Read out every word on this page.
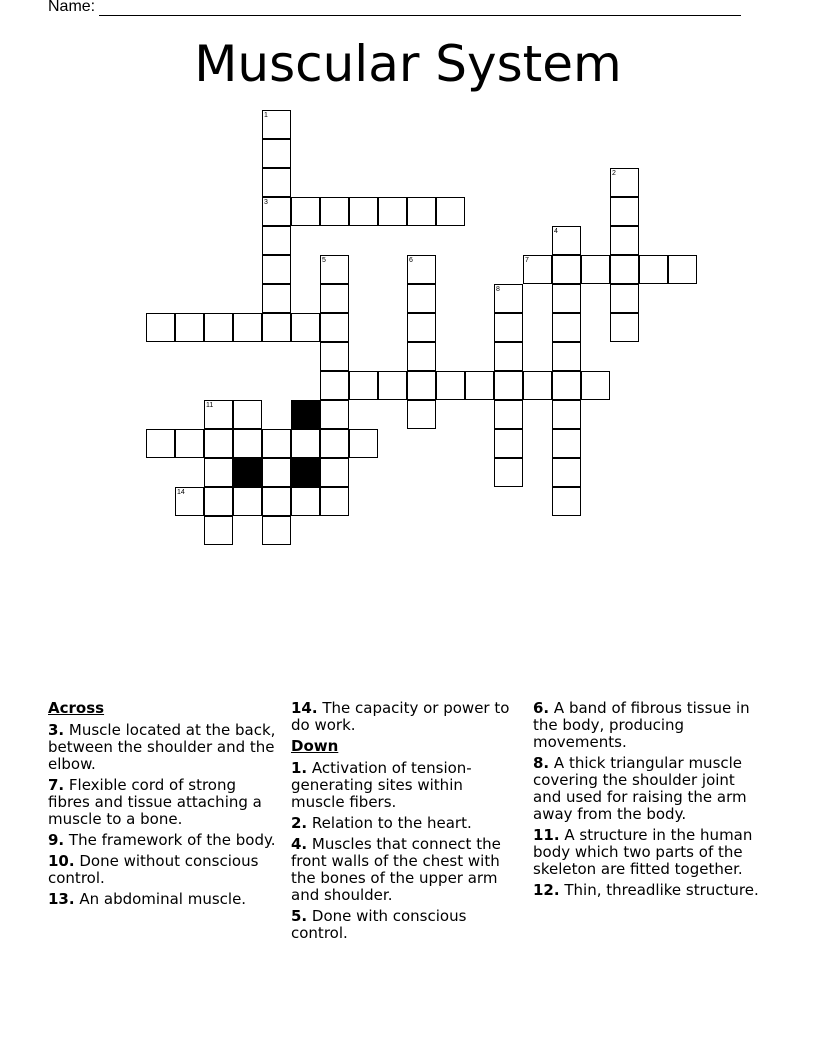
Name:
Muscular System
1
3
2
4
5	6	7
8
11
14
Across
3. Muscle located at the back, between the shoulder and the elbow.
7. Flexible cord of strong fibres and tissue attaching a muscle to a bone.
9. The framework of the body.
10. Done without conscious control.
13. An abdominal muscle.
14. The capacity or power to do work.
Down
1. Activation of tension-generating sites within muscle fibers.
2. Relation to the heart.
4. Muscles that connect the front walls of the chest with the bones of the upper arm and shoulder.
5. Done with conscious control.
6. A band of fibrous tissue in the body, producing movements.
8. A thick triangular muscle covering the shoulder joint and used for raising the arm away from the body.
11. A structure in the human body which two parts of the skeleton are fitted together.
12. Thin, threadlike structure.
